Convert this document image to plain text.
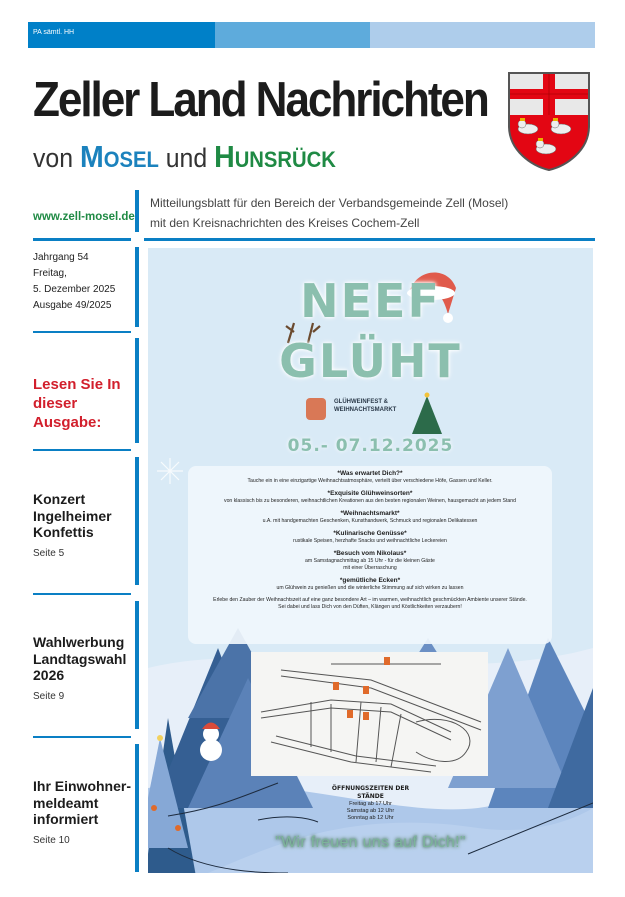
PA sämtl. HH
Zeller Land Nachrichten
von Mosel und Hunsrück
www.zell-mosel.de
Mitteilungsblatt für den Bereich der Verbandsgemeinde Zell (Mosel)
mit den Kreisnachrichten des Kreises Cochem-Zell
Jahrgang 54
Freitag,
5. Dezember 2025
Ausgabe 49/2025
Lesen Sie In
dieser
Ausgabe:
Konzert
Ingelheimer
Konfettis
Seite 5
Wahlwerbung
Landtagswahl
2026
Seite 9
Ihr Einwohner-
meldeamt
informiert
Seite 10
NEEF
GLÜHT
GLÜHWEINFEST &
WEIHNACHTSMARKT
05.- 07.12.2025
*Was erwartet Dich?*
Tauche ein in eine einzigartige Weihnachtsatmosphäre, verteilt über verschiedene Höfe, Gassen und Keller.
*Exquisite Glühweinsorten*
von klassisch bis zu besonderen, weihnachtlichen Kreationen aus den besten regionalen Weinen, hausgemacht an jedem Stand
*Weihnachtsmarkt*
u.A. mit handgemachten Geschenken, Kunsthandwerk, Schmuck und regionalen Delikatessen
*Kulinarische Genüsse*
rustikale Speisen, herzhafte Snacks und weihnachtliche Leckereien
*Besuch vom Nikolaus*
am Samstagnachmittag ab 15 Uhr - für die kleinen Gäste
mit einer Überraschung
*gemütliche Ecken*
um Glühwein zu genießen und die winterliche Stimmung auf sich wirken zu lassen
Erlebe den Zauber der Weihnachtszeit auf eine ganz besondere Art – im warmen, weihnachtlich geschmückten Ambiente unserer Stände.
Sei dabei und lass Dich von den Düften, Klängen und Köstlichkeiten verzaubern!
ÖFFNUNGSZEITEN DER
STÄNDE
Freitag ab 17 Uhr
Samstag ab 12 Uhr
Sonntag ab 12 Uhr
"Wir freuen uns auf Dich!"
